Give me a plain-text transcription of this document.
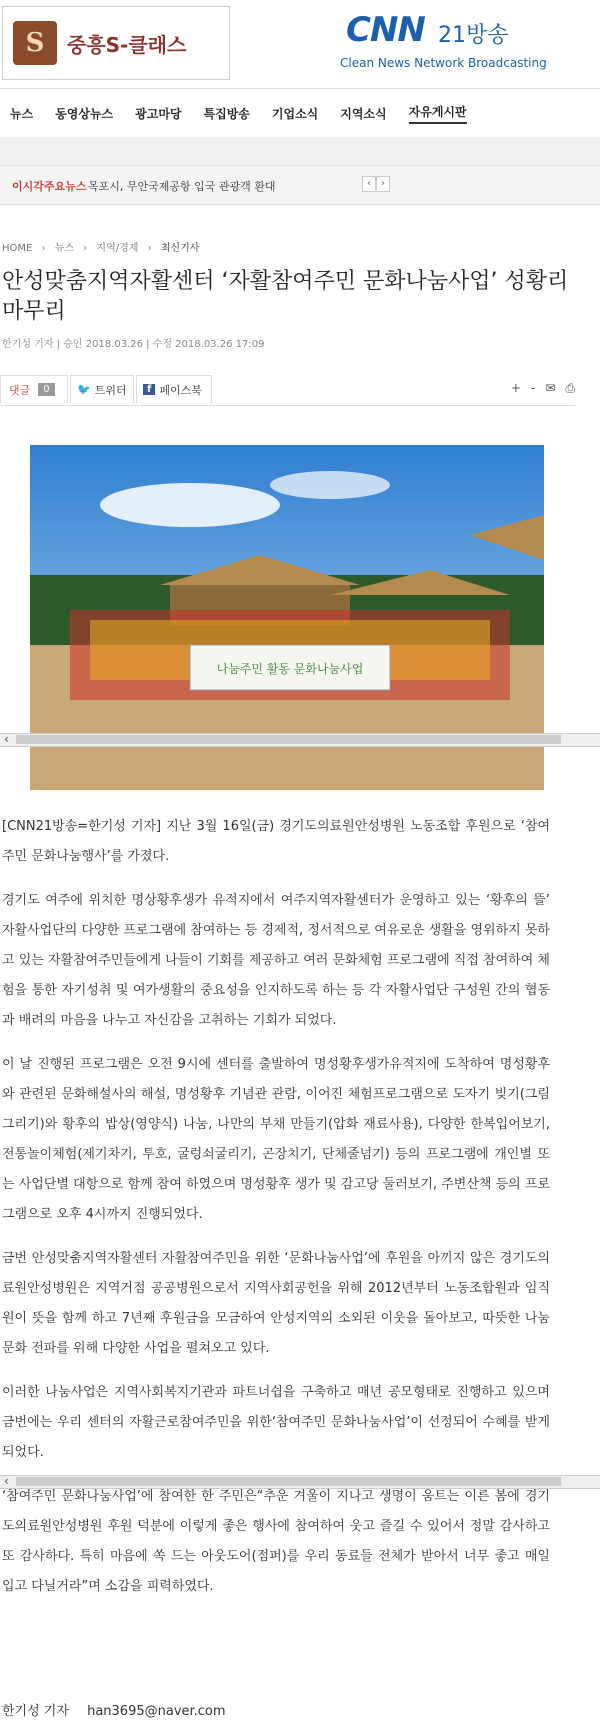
S	중흥S-클래스	CNN 21방송
Clean News Network Broadcasting
뉴스 동영상뉴스 광고마당 특집방송 기업소식 지역소식 자유게시판
이시각주요뉴스 목포시, 무안국제공항 입국 관광객 환대	‹	›
HOME › 뉴스 › 지역/경제 › 최신기사
안성맞춤지역자활센터 ‘자활참여주민 문화나눔사업’ 성황리 마무리
한기성 기자 | 승인 2018.03.26 | 수정 2018.03.26 17:09
댓글	0	🐦 트위터	f 페이스북	+ - ✉ ⎙
나눔주민 활동 문화나눔사업
‹

[CNN21방송=한기성 기자] 지난 3월 16일(금) 경기도의료원안성병원 노동조합 후원으로 ‘참여주민 문화나눔행사’를 가졌다.

경기도 여주에 위치한 명상황후생가 유적지에서 여주지역자활센터가 운영하고 있는 ‘황후의 뜰’ 자활사업단의 다양한 프로그램에 참여하는 등 경제적, 정서적으로 여유로운 생활을 영위하지 못하고 있는 자활참여주민들에게 나들이 기회를 제공하고 여러 문화체험 프로그램에 직접 참여하여 체험을 통한 자기성취 및 여가생활의 중요성을 인지하도록 하는 등 각 자활사업단 구성원 간의 협동과 배려의 마음을 나누고 자신감을 고취하는 기회가 되었다.

이 날 진행된 프로그램은 오전 9시에 센터를 출발하여 명성황후생가유적지에 도착하여 명성황후와 관련된 문화해설사의 해설, 명성황후 기념관 관람, 이어진 체험프로그램으로 도자기 빚기(그림그리기)와 황후의 밥상(영양식) 나눔, 나만의 부채 만들기(압화 재료사용), 다양한 한복입어보기, 전통놀이체험(제기차기, 투호, 굴렁쇠굴리기, 곤장치기, 단체줄넘기) 등의 프로그램에 개인별 또는 사업단별 대항으로 함께 참여 하였으며 명성황후 생가 및 감고당 둘러보기, 주변산책 등의 프로그램으로 오후 4시까지 진행되었다.

금번 안성맞춤지역자활센터 자활참여주민을 위한 ‘문화나눔사업’에 후원을 아끼지 않은 경기도의료원안성병원은 지역거점 공공병원으로서 지역사회공헌을 위해 2012년부터 노동조합원과 임직원이 뜻을 함께 하고 7년째 후원금을 모금하여 안성지역의 소외된 이웃을 돌아보고, 따뜻한 나눔문화 전파를 위해 다양한 사업을 펼쳐오고 있다.

이러한 나눔사업은 지역사회복지기관과 파트너쉽을 구축하고 매년 공모형태로 진행하고 있으며 금번에는 우리 센터의 자활근로참여주민을 위한‘참여주민 문화나눔사업’이 선정되어 수혜를 받게 되었다.

‘참여주민 문화나눔사업’에 참여한 한 주민은“추운 겨울이 지나고 생명이 움트는 이른 봄에 경기도의료원안성병원 후원 덕분에 이렇게 좋은 행사에 참여하여 웃고 즐길 수 있어서 정말 감사하고 또 감사하다. 특히 마음에 쏙 드는 아웃도어(점퍼)를 우리 동료들 전체가 받아서 너무 좋고 매일 입고 다닐거라”며 소감을 피력하였다.

‹
한기성 기자 han3695@naver.com
